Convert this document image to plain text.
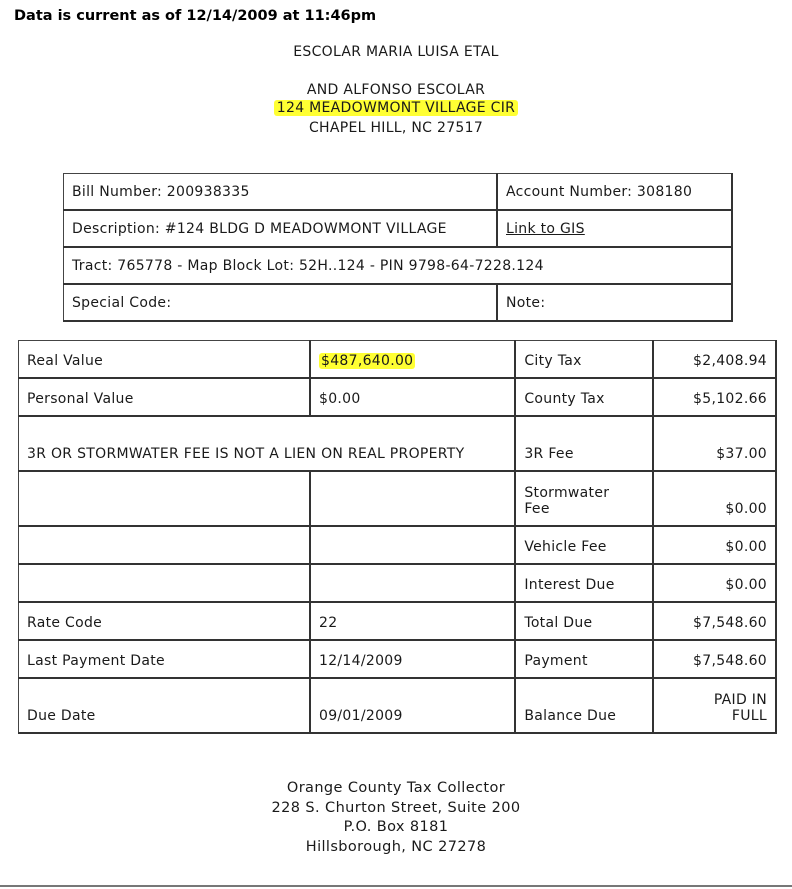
Data is current as of 12/14/2009 at 11:46pm
ESCOLAR MARIA LUISA ETAL
AND ALFONSO ESCOLAR
124 MEADOWMONT VILLAGE CIR
CHAPEL HILL, NC 27517
Bill Number: 200938335	Account Number: 308180
Description: #124 BLDG D MEADOWMONT VILLAGE	Link to GIS
Tract: 765778 - Map Block Lot: 52H..124 - PIN 9798-64-7228.124	
Special Code:	Note:
Real Value	$487,640.00	City Tax	$2,408.94
Personal Value	$0.00	County Tax	$5,102.66
3R OR STORMWATER FEE IS NOT A LIEN ON REAL PROPERTY		3R Fee	$37.00

		Stormwater Fee	$0.00
		Vehicle Fee	$0.00
		Interest Due	$0.00
Rate Code	22	Total Due	$7,548.60
Last Payment Date	12/14/2009	Payment	$7,548.60
Due Date	09/01/2009	Balance Due	PAID IN FULL
Orange County Tax Collector
228 S. Churton Street, Suite 200
P.O. Box 8181
Hillsborough, NC 27278
